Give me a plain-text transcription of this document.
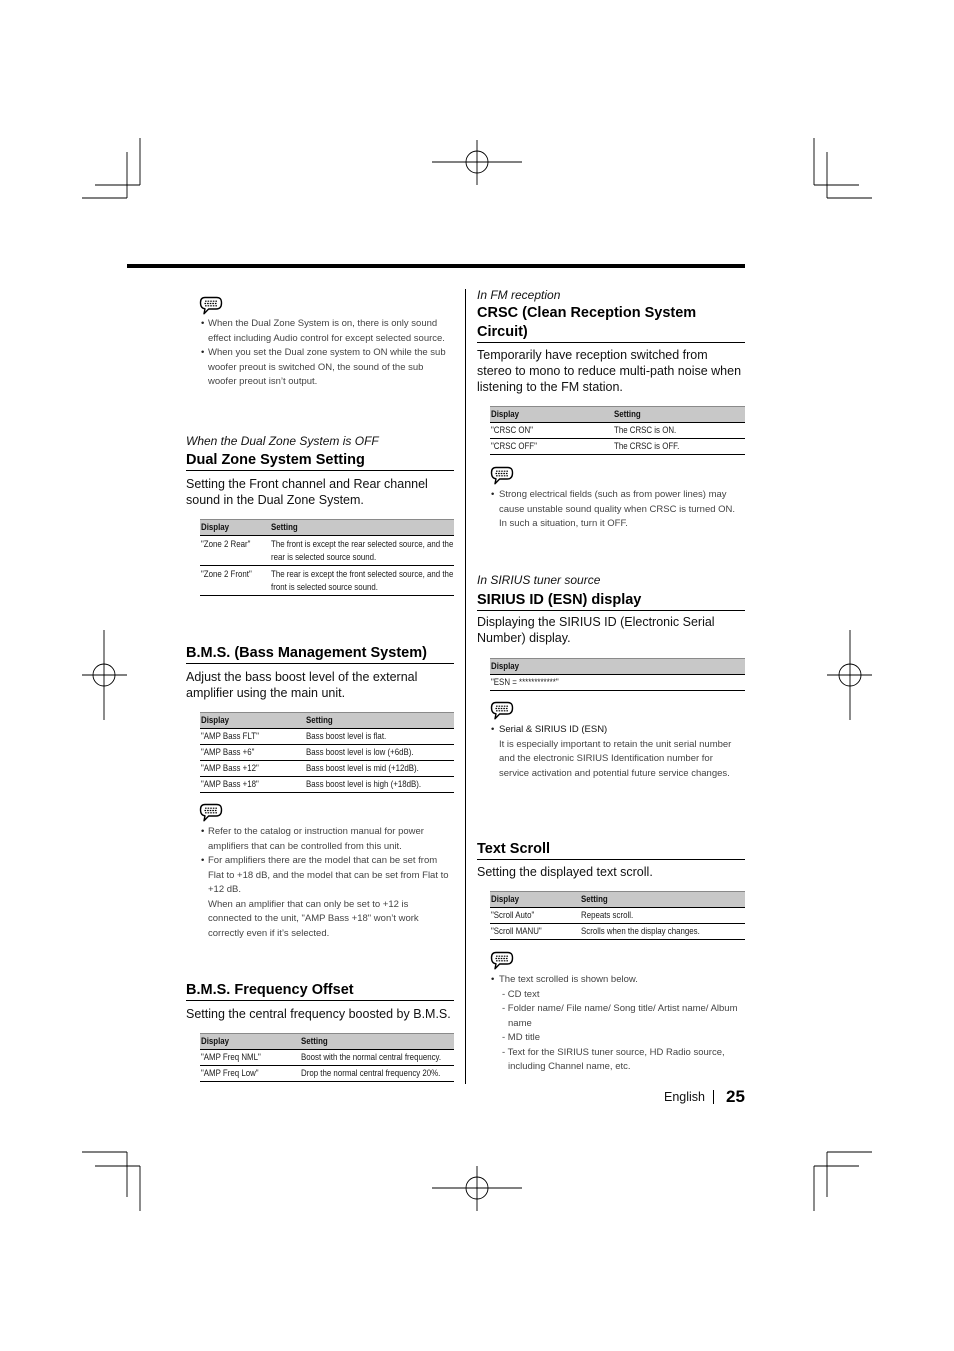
• When the Dual Zone System is on, there is only sound effect including Audio control for except selected source.
• When you set the Dual zone system to ON while the sub woofer preout is switched ON, the sound of the sub woofer preout isn’t output.
When the Dual Zone System is OFF
Dual Zone System Setting
Setting the Front channel and Rear channel sound in the Dual Zone System.
Display	Setting
"Zone 2 Rear"	The front is except the rear selected source, and the rear is selected source sound.
"Zone 2 Front"	The rear is except the front selected source, and the front is selected source sound.
B.M.S. (Bass Management System)
Adjust the bass boost level of the external amplifier using the main unit.
Display	Setting
"AMP Bass FLT"	Bass boost level is flat.
"AMP Bass +6"	Bass boost level is low (+6dB).
"AMP Bass +12"	Bass boost level is mid (+12dB).
"AMP Bass +18"	Bass boost level is high (+18dB).
• Refer to the catalog or instruction manual for power amplifiers that can be controlled from this unit.
• For amplifiers there are the model that can be set from Flat to +18 dB, and the model that can be set from Flat to +12 dB.
When an amplifier that can only be set to +12 is connected to the unit, "AMP Bass +18" won’t work correctly even if it’s selected.
B.M.S. Frequency Offset
Setting the central frequency boosted by B.M.S.
Display	Setting
"AMP Freq NML"	Boost with the normal central frequency.
"AMP Freq Low"	Drop the normal central frequency 20%.
In FM reception
CRSC (Clean Reception System Circuit)
Temporarily have reception switched from stereo to mono to reduce multi-path noise when listening to the FM station.
Display	Setting
"CRSC ON"	The CRSC is ON.
"CRSC OFF"	The CRSC is OFF.
• Strong electrical fields (such as from power lines) may cause unstable sound quality when CRSC is turned ON. In such a situation, turn it OFF.
In SIRIUS tuner source
SIRIUS ID (ESN) display
Displaying the SIRIUS ID (Electronic Serial Number) display.
Display
"ESN = ************"
• Serial & SIRIUS ID (ESN)
It is especially important to retain the unit serial number and the electronic SIRIUS Identification number for service activation and potential future service changes.
Text Scroll
Setting the displayed text scroll.
Display	Setting
"Scroll Auto"	Repeats scroll.
"Scroll MANU"	Scrolls when the display changes.
• The text scrolled is shown below.
- CD text
- Folder name/ File name/ Song title/ Artist name/ Album name
- MD title
- Text for the SIRIUS tuner source, HD Radio source, including Channel name, etc.
English 25
